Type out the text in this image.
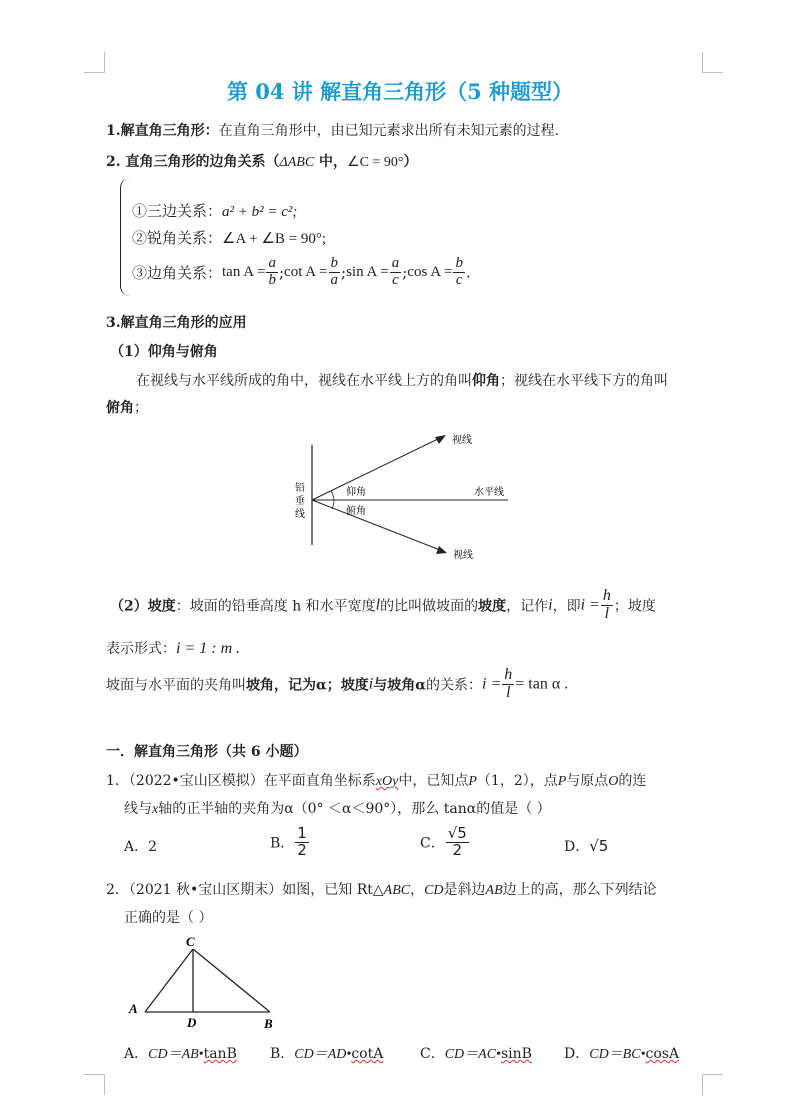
第 04 讲 解直角三角形（5 种题型）
1.解直角三角形：在直角三角形中，由已知元素求出所有未知元素的过程.
2. 直角三角形的边角关系（ΔABC 中，∠C = 90°）
①三边关系：a² + b² = c²;
②锐角关系：∠A + ∠B = 90°;
③边角关系：$\tan A = \frac{a}{b}$ ;cot $A = \frac{b}{a}$ ;sin $A = \frac{a}{c}$ ;cos $A = \frac{b}{c}$ .
3.解直角三角形的应用
（1）仰角与俯角
在视线与水平线所成的角中，视线在水平线上方的角叫仰角；视线在水平线下方的角叫
俯角；
铅
垂
线
视线
视线
水平线
仰角
俯角
（2）坡度：坡面的铅垂高度 h 和水平宽度l的比叫做坡面的坡度，记作i，即$i = \frac{h}{l}$ ；坡度
表示形式：i = 1 : m .
坡面与水平面的夹角叫坡角，记为α；坡度i与坡角α的关系：$i = \frac{h}{l} = \tan \alpha$ .
一．解直角三角形（共 6 小题）
1．（2022•宝山区模拟）在平面直角坐标系xOy中，已知点P（1，2），点P与原点O的连
线与x轴的正半轴的夹角为α（0° ＜α＜90°），那么 tanα的值是（ ）
A．2	B． $\frac{1}{2}$	C． $\frac{√5}{2}$	D．√5
2．（2021 秋•宝山区期末）如图，已知 Rt△ABC，CD是斜边AB边上的高，那么下列结论
正确的是（ ）
C
A
B
D
A．CD＝AB•tanB B．CD＝AD•cotA	C．CD＝AC•sinB D．CD＝BC•cosA
